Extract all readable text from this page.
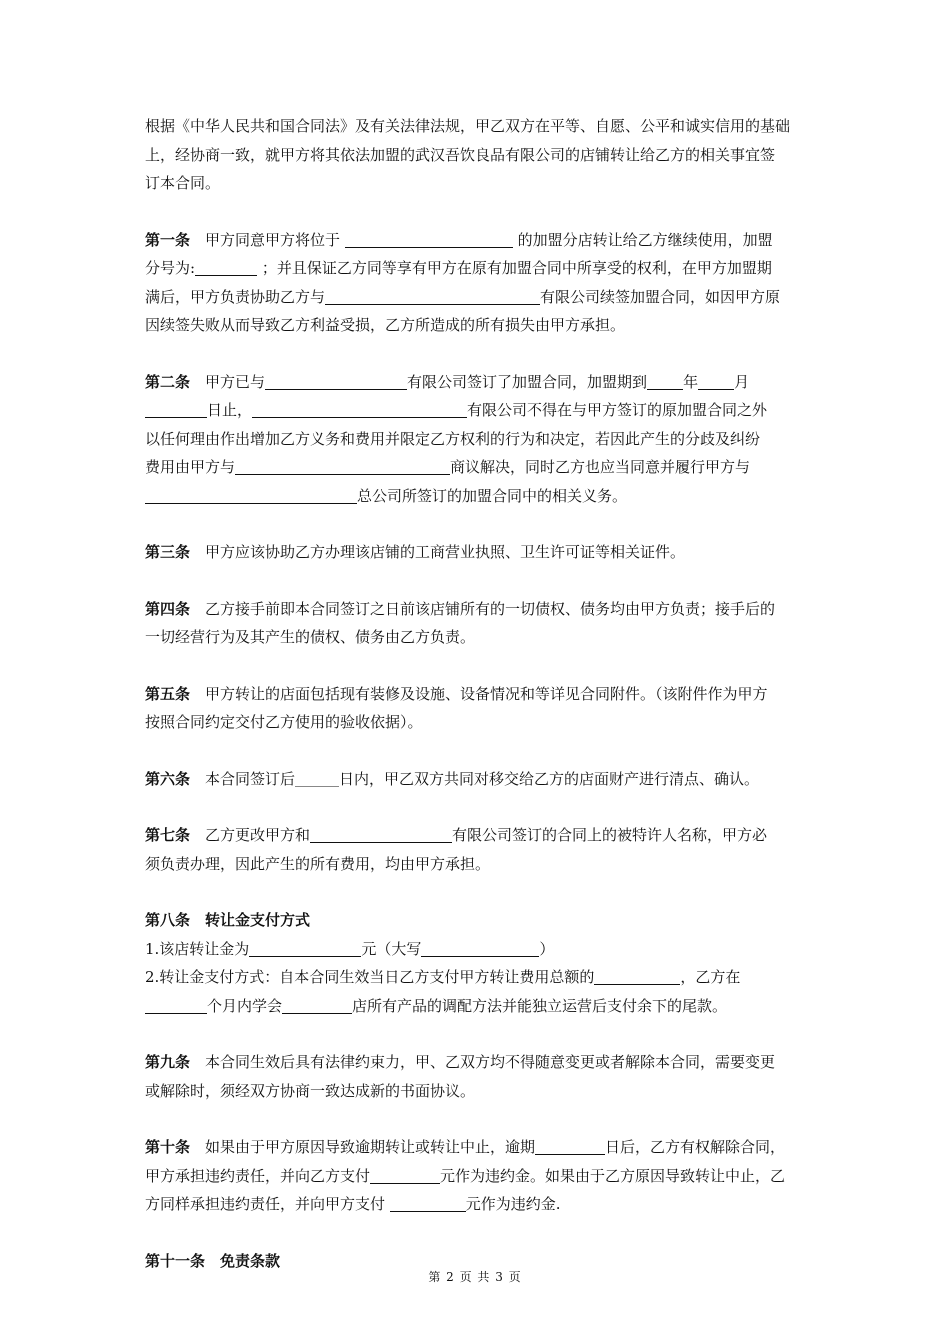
根据《中华人民共和国合同法》及有关法律法规，甲乙双方在平等、自愿、公平和诚实信用的基础
上，经协商一致，就甲方将其依法加盟的武汉吾饮良品有限公司的店铺转让给乙方的相关事宜签
订本合同。

第一条　 甲方同意甲方将位于	的加盟分店转让给乙方继续使用，加盟
分号为:	；并且保证乙方同等享有甲方在原有加盟合同中所享受的权利，在甲方加盟期
满后，甲方负责协助乙方与	有限公司续签加盟合同，如因甲方原
因续签失败从而导致乙方利益受损，乙方所造成的所有损失由甲方承担。

第二条　 甲方已与	有限公司签订了加盟合同，加盟期到 年 月
日止，	有限公司不得在与甲方签订的原加盟合同之外
以任何理由作出增加乙方义务和费用并限定乙方权利的行为和决定，若因此产生的分歧及纠纷
费用由甲方与	商议解决，同时乙方也应当同意并履行甲方与
总公司所签订的加盟合同中的相关义务。

第三条　 甲方应该协助乙方办理该店铺的工商营业执照、卫生许可证等相关证件。

第四条　 乙方接手前即本合同签订之日前该店铺所有的一切债权、债务均由甲方负责；接手后的
一切经营行为及其产生的债权、债务由乙方负责。

第五条　 甲方转让的店面包括现有装修及设施、设备情况和等详见合同附件。（该附件作为甲方
按照合同约定交付乙方使用的验收依据）。

第六条　 本合同签订后	日内，甲乙双方共同对移交给乙方的店面财产进行清点、确认。

第七条　 乙方更改甲方和	有限公司签订的合同上的被特许人名称，甲方必
须负责办理，因此产生的所有费用，均由甲方承担。

第八条　转让金支付方式
1.该店转让金为	元（大写	）
2.转让金支付方式：自本合同生效当日乙方支付甲方转让费用总额的	，乙方在
个月内学会	店所有产品的调配方法并能独立运营后支付余下的尾款。

第九条　 本合同生效后具有法律约束力，甲、乙双方均不得随意变更或者解除本合同，需要变更
或解除时，须经双方协商一致达成新的书面协议。

第十条　 如果由于甲方原因导致逾期转让或转让中止，逾期	日后，乙方有权解除合同，
甲方承担违约责任，并向乙方支付	元作为违约金。如果由于乙方原因导致转让中止，乙
方同样承担违约责任，并向甲方支付	元作为违约金.

第十一条　免责条款

第 2 页 共 3 页
